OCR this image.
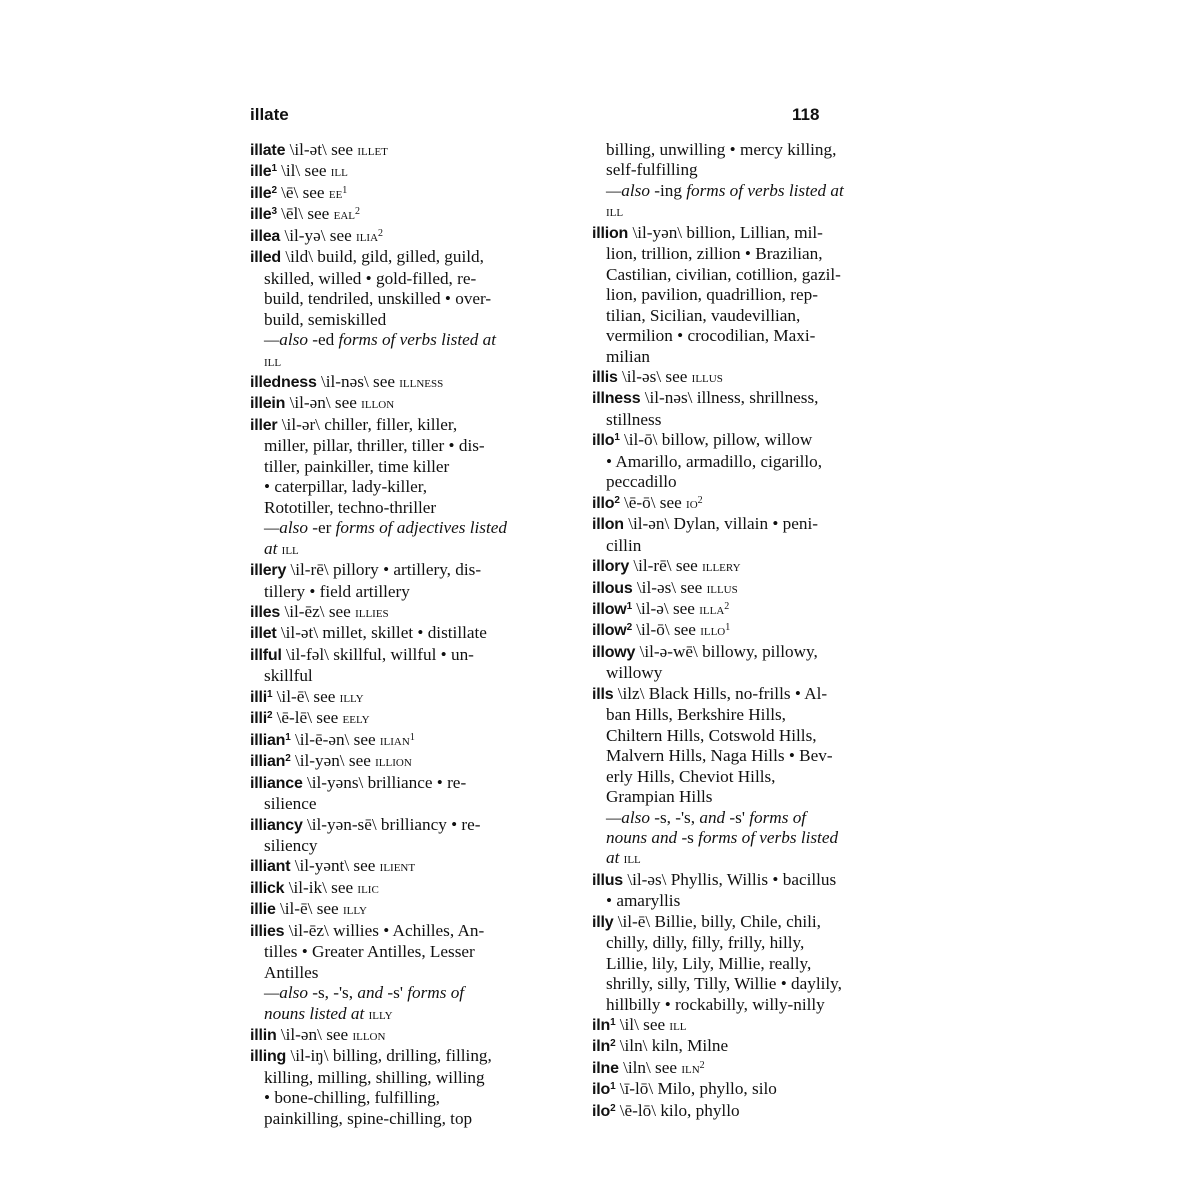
illate	118
illate \il-ət\ see illet
ille$^1$ \il\ see ill
ille$^2$ \ē\ see $ee^1$
ille$^3$ \ēl\ see eal$^2$
illea \il-yə\ see ilia$^2$
illed \ild\ build, gild, gilled, guild,
skilled, willed • gold-filled, re-
build, tendriled, unskilled • over-
build, semiskilled
—also -ed forms of verbs listed at
ill
illedness \il-nəs\ see illness
illein \il-ən\ see illon
iller \il-ər\ chiller, filler, killer,
miller, pillar, thriller, tiller • dis-
tiller, painkiller, time killer
• caterpillar, lady-killer,
Rototiller, techno-thriller
—also -er forms of adjectives listed
at ill
illery \il-rē\ pillory • artillery, dis-
tillery • field artillery
illes \il-ēz\ see illies
illet \il-ət\ millet, skillet • distillate
illful \il-fəl\ skillful, willful • un-
skillful
illi$^1$ \il-ē\ see illy
illi$^2$ \ē-lē\ see eely
illian$^1$ \il-ē-ən\ see ilian$^1$
illian$^2$ \il-yən\ see illion
illiance \il-yəns\ brilliance • re-
silience
illiancy \il-yən-sē\ brilliancy • re-
siliency
illiant \il-yənt\ see ilient
illick \il-ik\ see ilic
illie \il-ē\ see illy
illies \il-ēz\ willies • Achilles, An-
tilles • Greater Antilles, Lesser
Antilles
—also -s, -'s, and -s' forms of
nouns listed at illy
illin \il-ən\ see illon
illing \il-iŋ\ billing, drilling, filling,
killing, milling, shilling, willing
• bone-chilling, fulfilling,
painkilling, spine-chilling, top
billing, unwilling • mercy killing,
self-fulfilling
—also -ing forms of verbs listed at
ill
illion \il-yən\ billion, Lillian, mil-
lion, trillion, zillion • Brazilian,
Castilian, civilian, cotillion, gazil-
lion, pavilion, quadrillion, rep-
tilian, Sicilian, vaudevillian,
vermilion • crocodilian, Maxi-
milian
illis \il-əs\ see illus
illness \il-nəs\ illness, shrillness,
stillness
illo$^1$ \il-ō\ billow, pillow, willow
• Amarillo, armadillo, cigarillo,
peccadillo
illo$^2$ \ē-ō\ see $io^2$
illon \il-ən\ Dylan, villain • peni-
cillin
illory \il-rē\ see illery
illous \il-əs\ see illus
illow$^1$ \il-ə\ see illa$^2$
illow$^2$ \il-ō\ see illo$^1$
illowy \il-ə-wē\ billowy, pillowy,
willowy
ills \ilz\ Black Hills, no-frills • Al-
ban Hills, Berkshire Hills,
Chiltern Hills, Cotswold Hills,
Malvern Hills, Naga Hills • Bev-
erly Hills, Cheviot Hills,
Grampian Hills
—also -s, -'s, and -s' forms of
nouns and -s forms of verbs listed
at ill
illus \il-əs\ Phyllis, Willis • bacillus
• amaryllis
illy \il-ē\ Billie, billy, Chile, chili,
chilly, dilly, filly, frilly, hilly,
Lillie, lily, Lily, Millie, really,
shrilly, silly, Tilly, Willie • daylily,
hillbilly • rockabilly, willy-nilly
iln$^1$ \il\ see ill
iln$^2$ \iln\ kiln, Milne
ilne \iln\ see iln$^2$
ilo$^1$ \ī-lō\ Milo, phyllo, silo
ilo$^2$ \ē-lō\ kilo, phyllo
